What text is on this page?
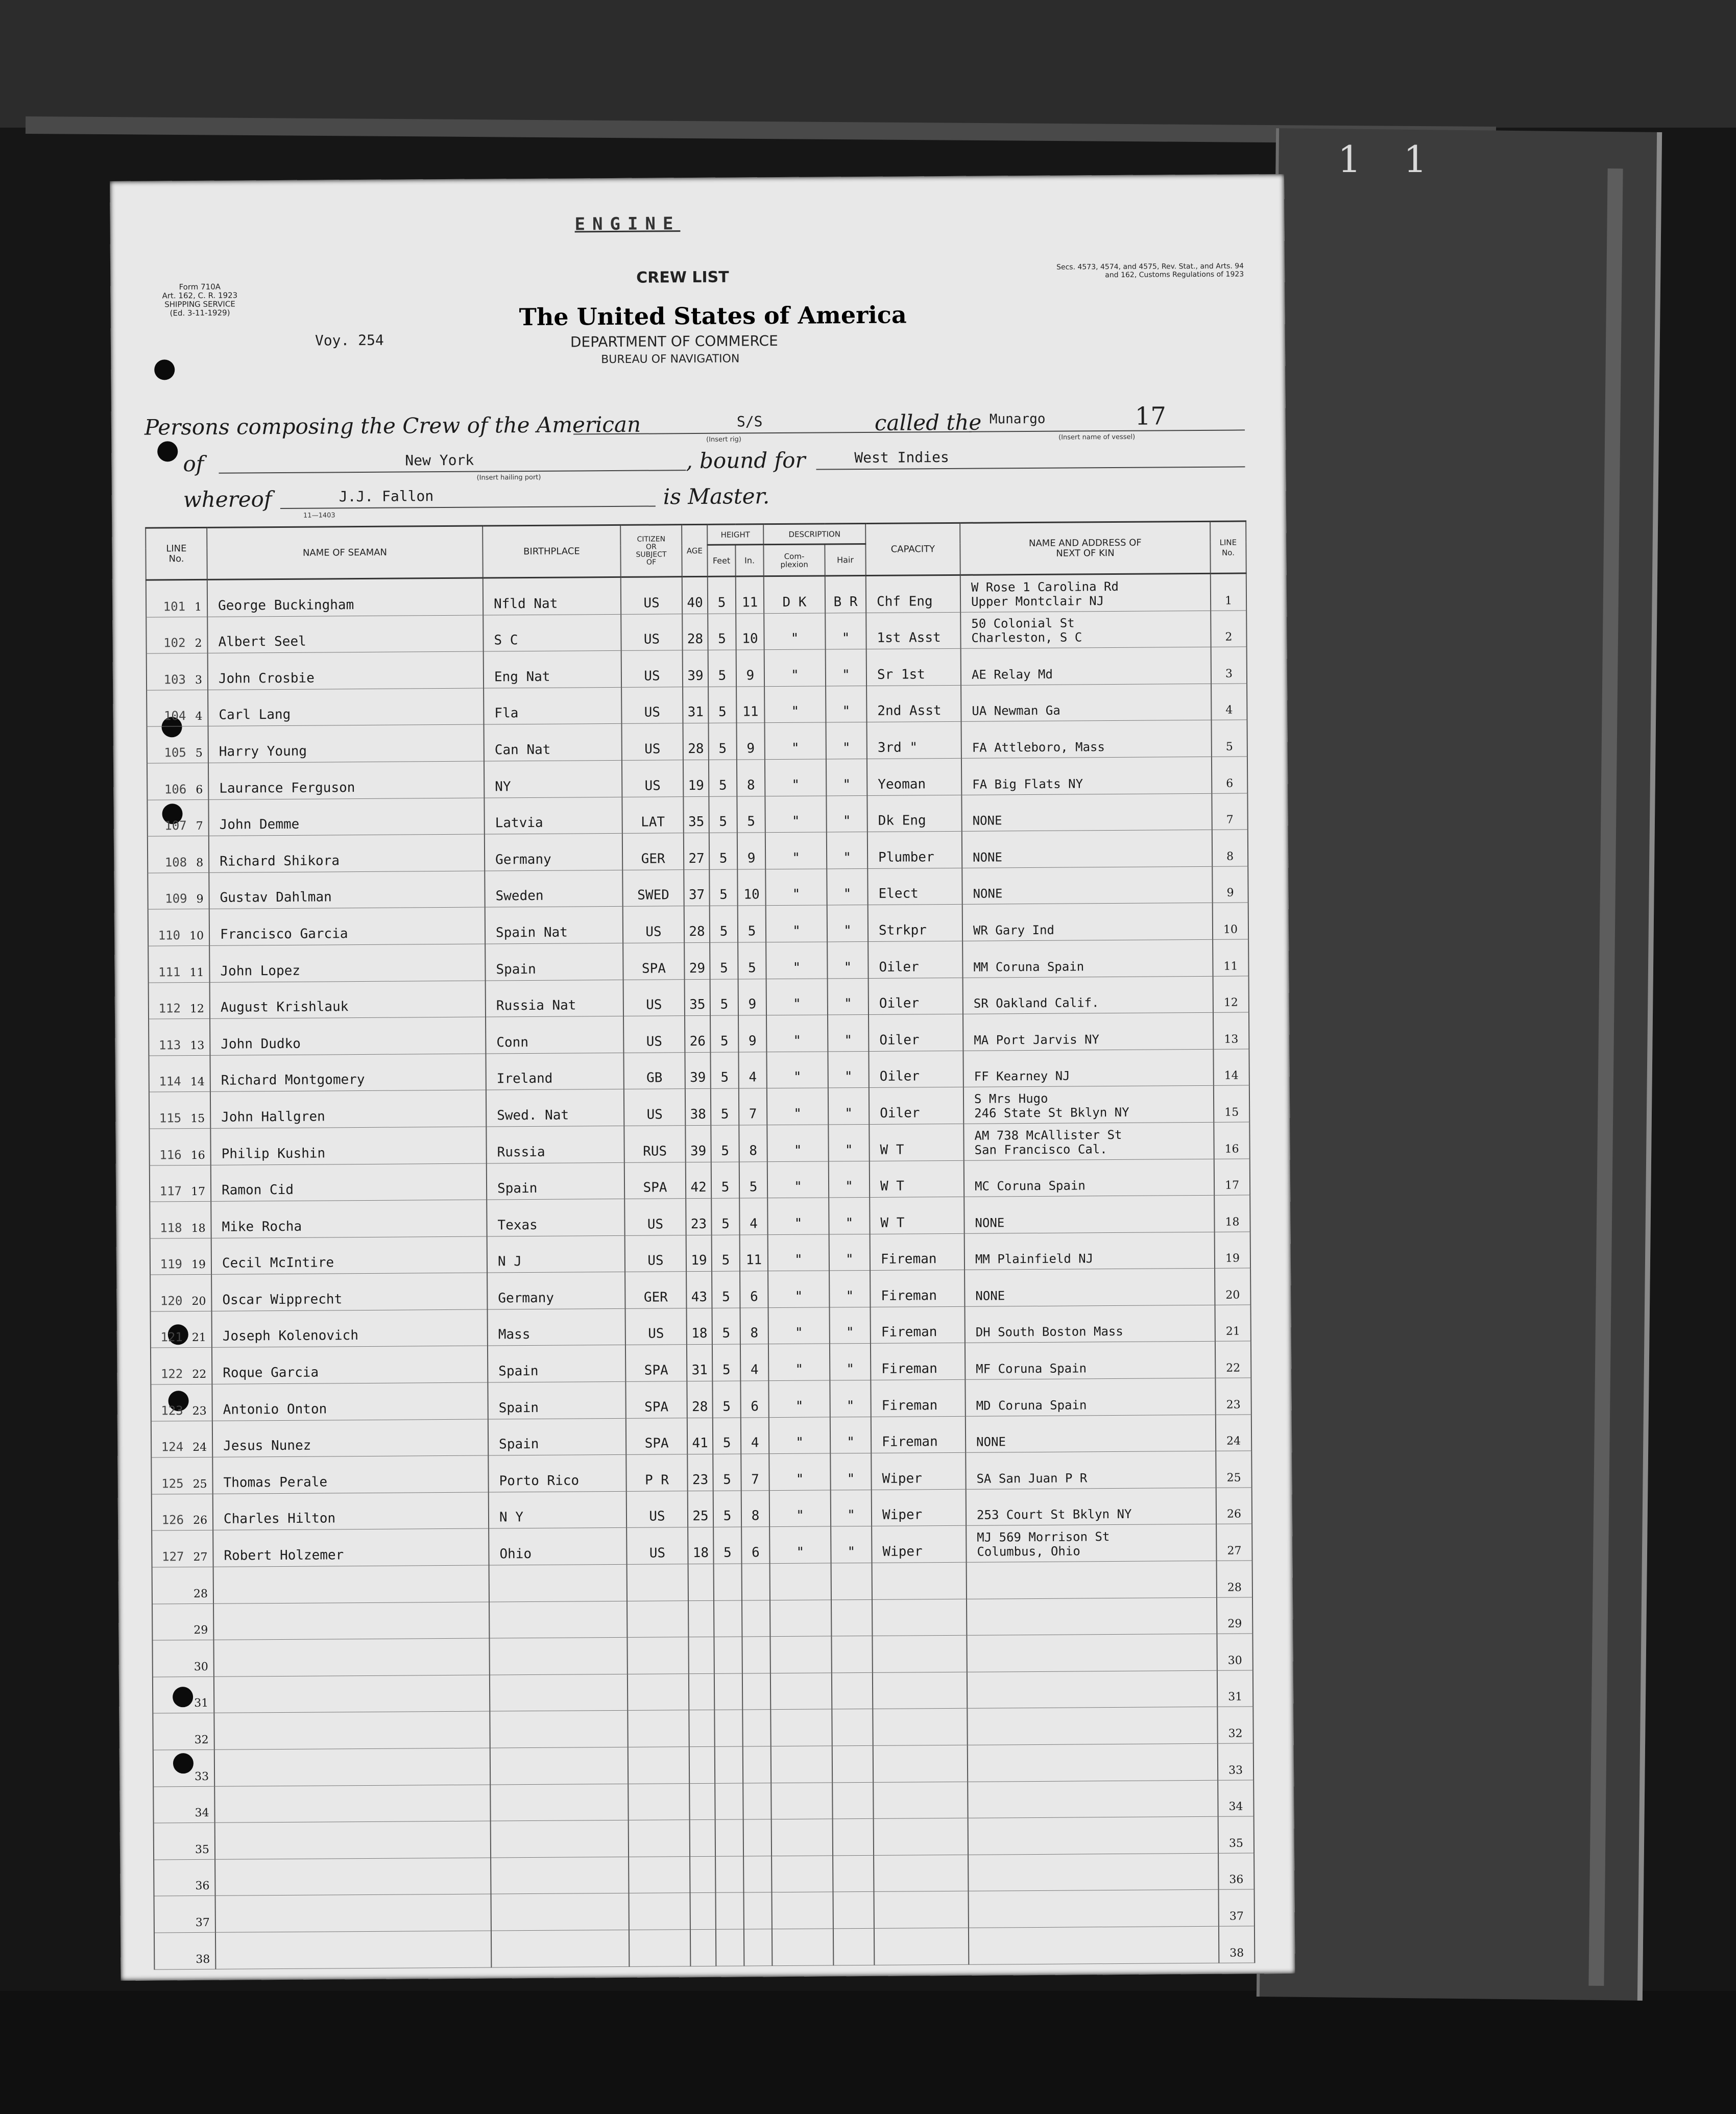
1 1
ENGINE
Form 710A
Art. 162, C. R. 1923
SHIPPING SERVICE
(Ed. 3-11-1929)
Secs. 4573, 4574, and 4575, Rev. Stat., and Arts. 94 and 162, Customs Regulations of 1923
CREW LIST
The United States of America
DEPARTMENT OF COMMERCE
BUREAU OF NAVIGATION
Voy. 254
Persons composing the Crew of the American	S/S
(Insert rig)
called the Munargo	17
(Insert name of vessel)
of	New York
(Insert hailing port)
, bound for	West Indies
whereof	J.J. Fallon	is Master.
11—1403
LINE
No.	NAME OF SEAMAN	BIRTHPLACE	CITIZEN
OR
SUBJECT
OF	AGE	HEIGHT		DESCRIPTION		CAPACITY	NAME AND ADDRESS OF
NEXT OF KIN	LINE
No.
					Feet	In.	Com-
plexion	Hair			
101 1	George Buckingham	Nfld Nat	US	40	5	11	D K	B R	Chf Eng	W Rose 1 Carolina Rd
Upper Montclair NJ	1
102 2	Albert Seel	S C	US	28	5	10	"	"	1st Asst	50 Colonial St
Charleston, S C	2
103 3	John Crosbie	Eng Nat	US	39	5	9	"	"	Sr 1st	AE Relay Md	3
104 4	Carl Lang	Fla	US	31	5	11	"	"	2nd Asst	UA Newman Ga	4
105 5	Harry Young	Can Nat	US	28	5	9	"	"	3rd "	FA Attleboro, Mass	5
106 6	Laurance Ferguson	NY	US	19	5	8	"	"	Yeoman	FA Big Flats NY	6
107 7	John Demme	Latvia	LAT	35	5	5	"	"	Dk Eng	NONE	7
108 8	Richard Shikora	Germany	GER	27	5	9	"	"	Plumber	NONE	8
109 9	Gustav Dahlman	Sweden	SWED	37	5	10	"	"	Elect	NONE	9
110 10	Francisco Garcia	Spain Nat	US	28	5	5	"	"	Strkpr	WR Gary Ind	10
111 11	John Lopez	Spain	SPA	29	5	5	"	"	Oiler	MM Coruna Spain	11
112 12	August Krishlauk	Russia Nat	US	35	5	9	"	"	Oiler	SR Oakland Calif.	12
113 13	John Dudko	Conn	US	26	5	9	"	"	Oiler	MA Port Jarvis NY	13
114 14	Richard Montgomery	Ireland	GB	39	5	4	"	"	Oiler	FF Kearney NJ	14
115 15	John Hallgren	Swed. Nat	US	38	5	7	"	"	Oiler	S Mrs Hugo
246 State St Bklyn NY	15
116 16	Philip Kushin	Russia	RUS	39	5	8	"	"	W T	AM 738 McAllister St
San Francisco Cal.	16
117 17	Ramon Cid	Spain	SPA	42	5	5	"	"	W T	MC Coruna Spain	17
118 18	Mike Rocha	Texas	US	23	5	4	"	"	W T	NONE	18
119 19	Cecil McIntire	N J	US	19	5	11	"	"	Fireman	MM Plainfield NJ	19
120 20	Oscar Wipprecht	Germany	GER	43	5	6	"	"	Fireman	NONE	20
121 21	Joseph Kolenovich	Mass	US	18	5	8	"	"	Fireman	DH South Boston Mass	21
122 22	Roque Garcia	Spain	SPA	31	5	4	"	"	Fireman	MF Coruna Spain	22
123 23	Antonio Onton	Spain	SPA	28	5	6	"	"	Fireman	MD Coruna Spain	23
124 24	Jesus Nunez	Spain	SPA	41	5	4	"	"	Fireman	NONE	24
125 25	Thomas Perale	Porto Rico	P R	23	5	7	"	"	Wiper	SA San Juan P R	25
126 26	Charles Hilton	N Y	US	25	5	8	"	"	Wiper	253 Court St Bklyn NY	26
127 27	Robert Holzemer	Ohio	US	18	5	6	"	"	Wiper	MJ 569 Morrison St
Columbus, Ohio	27
28											28
29											29
30											30
31											31
32											32
33											33
34											34
35											35
36											36
37											37
38											38
